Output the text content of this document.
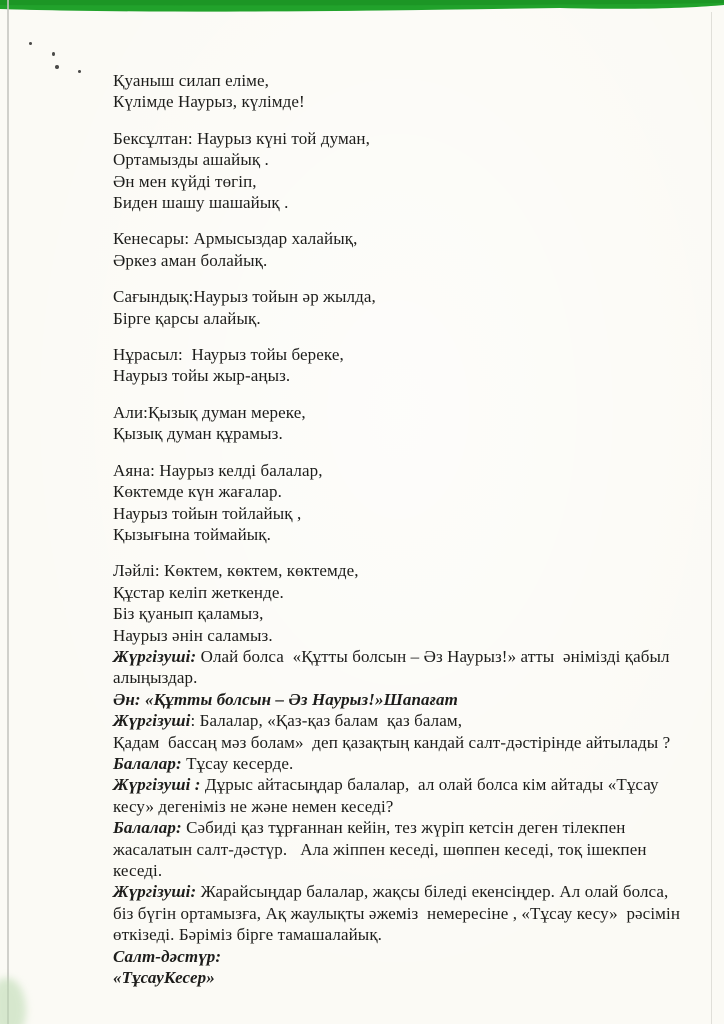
Қуаныш силап еліме,
Күлімде Наурыз, күлімде!
Бексұлтан: Наурыз күні той думан,
Ортамызды ашайық .
Ән мен күйді төгіп,
Биден шашу шашайық .
Кенесары: Армысыздар халайық,
Әркез аман болайық.
Сағындық:Наурыз тойын әр жылда,
Бірге қарсы алайық.
Нұрасыл:  Наурыз тойы береке,
Наурыз тойы жыр-аңыз.
Али:Қызық думан мереке,
Қызық думан құрамыз.
Аяна: Наурыз келді балалар,
Көктемде күн жағалар.
Наурыз тойын тойлайық ,
Қызығына тоймайық.
Ләйлі: Көктем, көктем, көктемде,
Құстар келіп жеткенде.
Біз қуанып қаламыз,
Наурыз әнін саламыз.
Жүргізуші: Олай болса  «Құтты болсын – Әз Наурыз!» атты  әнімізді қабыл
алыңыздар.
Ән: «Құтты болсын – Әз Наурыз!»Шапағат
Жүргізуші: Балалар, «Қаз-қаз балам  қаз балам,
Қадам  бассаң мәз болам»  деп қазақтың кандай салт-дәстірінде айтылады ?
Балалар: Тұсау кесерде.
Жүргізуші : Дұрыс айтасыңдар балалар,  ал олай болса кім айтады «Тұсау
кесу» дегеніміз не және немен кеседі?
Балалар: Сәбиді қаз тұрғаннан кейін, тез жүріп кетсін деген тілекпен
жасалатын салт-дәстүр.   Ала жіппен кеседі, шөппен кеседі, тоқ ішекпен
кеседі.
Жүргізуші: Жарайсыңдар балалар, жақсы біледі екенсіңдер. Ал олай болса,
біз бүгін ортамызға, Ақ жаулықты әжеміз  немересіне , «Тұсау кесу»  рәсімін
өткізеді. Бәріміз бірге тамашалайық.
Салт-дәстүр:
«ТұсауКесер»
